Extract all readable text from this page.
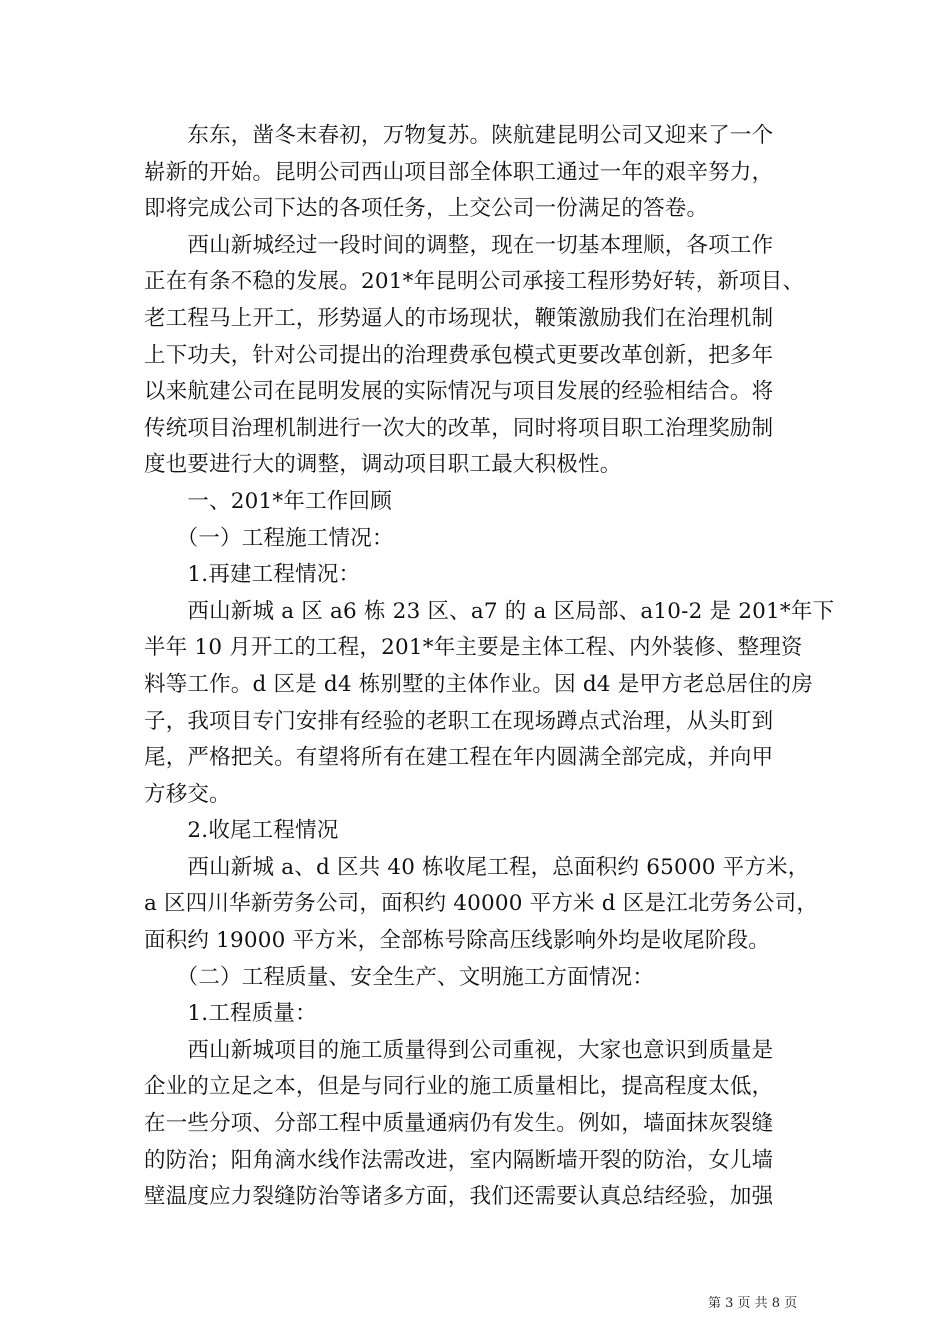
　　东东，凿冬末春初，万物复苏。陕航建昆明公司又迎来了一个
崭新的开始。昆明公司西山项目部全体职工通过一年的艰辛努力，
即将完成公司下达的各项任务，上交公司一份满足的答卷。

　　西山新城经过一段时间的调整，现在一切基本理顺，各项工作
正在有条不稳的发展。201*年昆明公司承接工程形势好转，新项目、
老工程马上开工，形势逼人的市场现状，鞭策激励我们在治理机制
上下功夫，针对公司提出的治理费承包模式更要改革创新，把多年
以来航建公司在昆明发展的实际情况与项目发展的经验相结合。将
传统项目治理机制进行一次大的改革，同时将项目职工治理奖励制
度也要进行大的调整，调动项目职工最大积极性。

　　一、201*年工作回顾

　　（一）工程施工情况：

　　1.再建工程情况：

　　西山新城 a 区 a6 栋 23 区、a7 的 a 区局部、a10-2 是 201*年下
半年 10 月开工的工程，201*年主要是主体工程、内外装修、整理资
料等工作。d 区是 d4 栋别墅的主体作业。因 d4 是甲方老总居住的房
子，我项目专门安排有经验的老职工在现场蹲点式治理，从头盯到
尾，严格把关。有望将所有在建工程在年内圆满全部完成，并向甲
方移交。

　　2.收尾工程情况

　　西山新城 a、d 区共 40 栋收尾工程，总面积约 65000 平方米，
a 区四川华新劳务公司，面积约 40000 平方米 d 区是江北劳务公司，
面积约 19000 平方米，全部栋号除高压线影响外均是收尾阶段。

　　（二）工程质量、安全生产、文明施工方面情况：

　　1.工程质量：

　　西山新城项目的施工质量得到公司重视，大家也意识到质量是
企业的立足之本，但是与同行业的施工质量相比，提高程度太低，
在一些分项、分部工程中质量通病仍有发生。例如，墙面抹灰裂缝
的防治；阳角滴水线作法需改进，室内隔断墙开裂的防治，女儿墙
壁温度应力裂缝防治等诸多方面，我们还需要认真总结经验，加强

第 3 页 共 8 页
